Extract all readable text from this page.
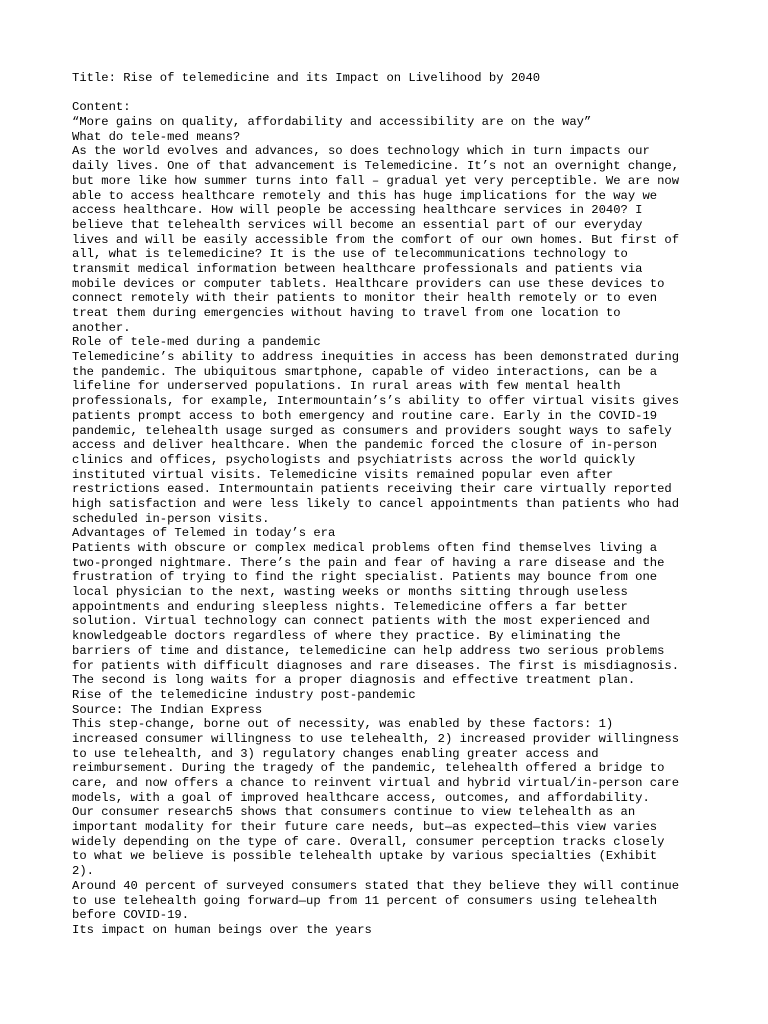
Title: Rise of telemedicine and its Impact on Livelihood by 2040
Content:
“More gains on quality, affordability and accessibility are on the way”
What do tele-med means?
As the world evolves and advances, so does technology which in turn impacts our
daily lives. One of that advancement is Telemedicine. It’s not an overnight change,
but more like how summer turns into fall – gradual yet very perceptible. We are now
able to access healthcare remotely and this has huge implications for the way we
access healthcare. How will people be accessing healthcare services in 2040? I
believe that telehealth services will become an essential part of our everyday
lives and will be easily accessible from the comfort of our own homes. But first of
all, what is telemedicine? It is the use of telecommunications technology to
transmit medical information between healthcare professionals and patients via
mobile devices or computer tablets. Healthcare providers can use these devices to
connect remotely with their patients to monitor their health remotely or to even
treat them during emergencies without having to travel from one location to
another.
Role of tele-med during a pandemic
Telemedicine’s ability to address inequities in access has been demonstrated during
the pandemic. The ubiquitous smartphone, capable of video interactions, can be a
lifeline for underserved populations. In rural areas with few mental health
professionals, for example, Intermountain’s’s ability to offer virtual visits gives
patients prompt access to both emergency and routine care. Early in the COVID-19
pandemic, telehealth usage surged as consumers and providers sought ways to safely
access and deliver healthcare. When the pandemic forced the closure of in-person
clinics and offices, psychologists and psychiatrists across the world quickly
instituted virtual visits. Telemedicine visits remained popular even after
restrictions eased. Intermountain patients receiving their care virtually reported
high satisfaction and were less likely to cancel appointments than patients who had
scheduled in-person visits.
Advantages of Telemed in today’s era
Patients with obscure or complex medical problems often find themselves living a
two-pronged nightmare. There’s the pain and fear of having a rare disease and the
frustration of trying to find the right specialist. Patients may bounce from one
local physician to the next, wasting weeks or months sitting through useless
appointments and enduring sleepless nights. Telemedicine offers a far better
solution. Virtual technology can connect patients with the most experienced and
knowledgeable doctors regardless of where they practice. By eliminating the
barriers of time and distance, telemedicine can help address two serious problems
for patients with difficult diagnoses and rare diseases. The first is misdiagnosis.
The second is long waits for a proper diagnosis and effective treatment plan.
Rise of the telemedicine industry post-pandemic
Source: The Indian Express
This step-change, borne out of necessity, was enabled by these factors: 1)
increased consumer willingness to use telehealth, 2) increased provider willingness
to use telehealth, and 3) regulatory changes enabling greater access and
reimbursement. During the tragedy of the pandemic, telehealth offered a bridge to
care, and now offers a chance to reinvent virtual and hybrid virtual/in-person care
models, with a goal of improved healthcare access, outcomes, and affordability.
Our consumer research5 shows that consumers continue to view telehealth as an
important modality for their future care needs, but—as expected—this view varies
widely depending on the type of care. Overall, consumer perception tracks closely
to what we believe is possible telehealth uptake by various specialties (Exhibit
2).
Around 40 percent of surveyed consumers stated that they believe they will continue
to use telehealth going forward—up from 11 percent of consumers using telehealth
before COVID-19.
Its impact on human beings over the years
